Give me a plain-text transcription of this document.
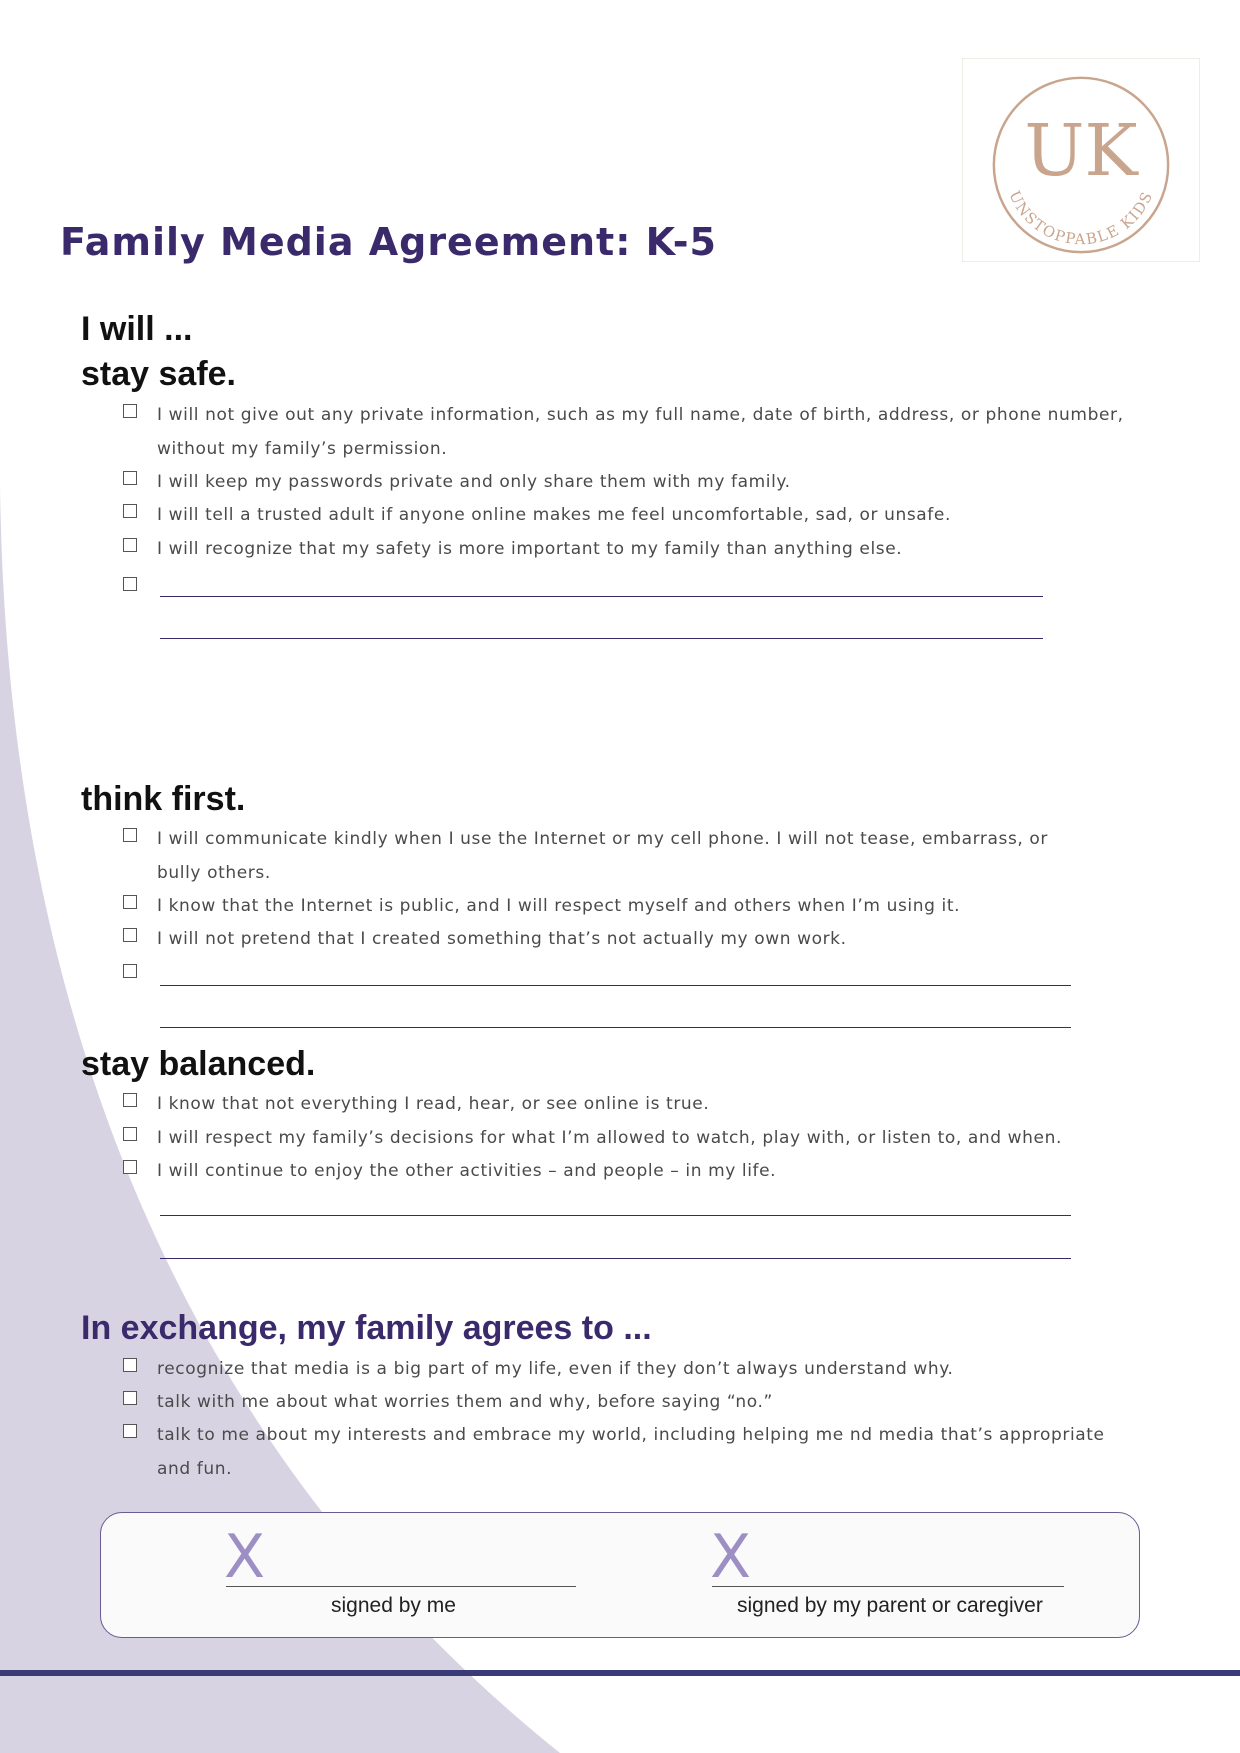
UK
UNSTOPPABLE KIDS
Family Media Agreement: K-5
I will ...
stay safe.
I will not give out any private information, such as my full name, date of birth, address, or phone number, without my family’s permission.
I will keep my passwords private and only share them with my family.
I will tell a trusted adult if anyone online makes me feel uncomfortable, sad, or unsafe.
I will recognize that my safety is more important to my family than anything else.
think first.
I will communicate kindly when I use the Internet or my cell phone. I will not tease, embarrass, or bully others.
I know that the Internet is public, and I will respect myself and others when I’m using it.
I will not pretend that I created something that’s not actually my own work.
stay balanced.
I know that not everything I read, hear, or see online is true.
I will respect my family’s decisions for what I’m allowed to watch, play with, or listen to, and when.
I will continue to enjoy the other activities – and people – in my life.
In exchange, my family agrees to ...
recognize that media is a big part of my life, even if they don’t always understand why.
talk with me about what worries them and why, before saying “no.”
talk to me about my interests and embrace my world, including helping me nd media that’s appropriate and fun.
X
signed by me
X
signed by my parent or caregiver
